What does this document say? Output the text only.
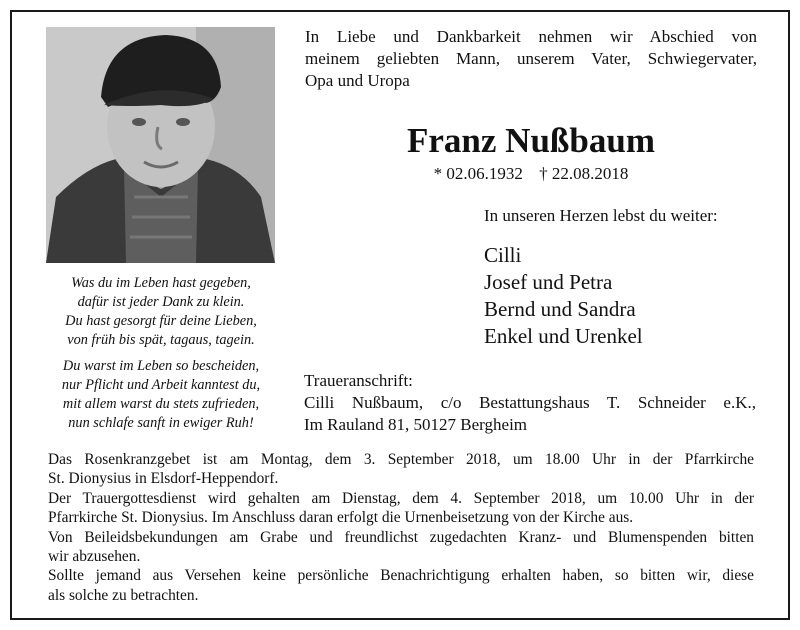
Was du im Leben hast gegeben,
dafür ist jeder Dank zu klein.
Du hast gesorgt für deine Lieben,
von früh bis spät, tagaus, tagein.
Du warst im Leben so bescheiden,
nur Pflicht und Arbeit kanntest du,
mit allem warst du stets zufrieden,
nun schlafe sanft in ewiger Ruh!
In Liebe und Dankbarkeit nehmen wir Abschied von
meinem geliebten Mann, unserem Vater, Schwiegervater,
Opa und Uropa
Franz Nußbaum
* 02.06.1932 † 22.08.2018
In unseren Herzen lebst du weiter:
Cilli
Josef und Petra
Bernd und Sandra
Enkel und Urenkel
Traueranschrift:
Cilli Nußbaum, c/o Bestattungshaus T. Schneider e.K.,
Im Rauland 81, 50127 Bergheim
Das Rosenkranzgebet ist am Montag, dem 3. September 2018, um 18.00 Uhr in der Pfarrkirche
St. Dionysius in Elsdorf-Heppendorf.
Der Trauergottesdienst wird gehalten am Dienstag, dem 4. September 2018, um 10.00 Uhr in der
Pfarrkirche St. Dionysius. Im Anschluss daran erfolgt die Urnenbeisetzung von der Kirche aus.
Von Beileidsbekundungen am Grabe und freundlichst zugedachten Kranz- und Blumenspenden bitten
wir abzusehen.
Sollte jemand aus Versehen keine persönliche Benachrichtigung erhalten haben, so bitten wir, diese
als solche zu betrachten.
